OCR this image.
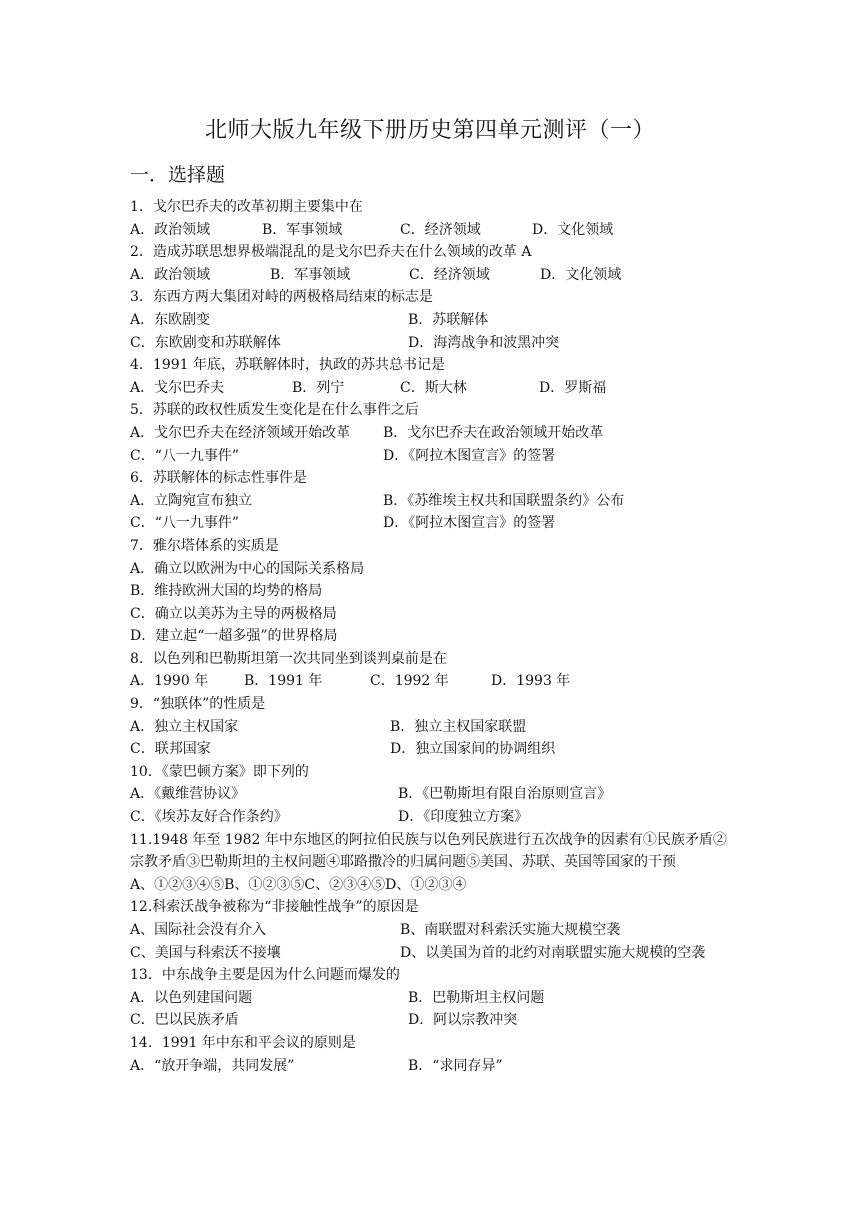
北师大版九年级下册历史第四单元测评（一）
一．选择题
1．戈尔巴乔夫的改革初期主要集中在
A．政治领域	B．军事领域	C．经济领域	D．文化领域
2．造成苏联思想界极端混乱的是戈尔巴乔夫在什么领域的改革 A
A．政治领域	B．军事领域	C．经济领域	D．文化领域
3．东西方两大集团对峙的两极格局结束的标志是
A．东欧剧变	B．苏联解体
C．东欧剧变和苏联解体	D．海湾战争和波黑冲突
4．1991 年底，苏联解体时，执政的苏共总书记是
A．戈尔巴乔夫	B．列宁	C．斯大林	D．罗斯福
5．苏联的政权性质发生变化是在什么事件之后
A．戈尔巴乔夫在经济领域开始改革 B．戈尔巴乔夫在政治领域开始改革
C．“八一九事件”	D．《阿拉木图宣言》的签署
6．苏联解体的标志性事件是
A．立陶宛宣布独立	B．《苏维埃主权共和国联盟条约》公布
C．“八一九事件”	D．《阿拉木图宣言》的签署
7．雅尔塔体系的实质是
A．确立以欧洲为中心的国际关系格局
B．维持欧洲大国的均势的格局
C．确立以美苏为主导的两极格局
D．建立起“一超多强”的世界格局
8．以色列和巴勒斯坦第一次共同坐到谈判桌前是在
A．1990 年	B．1991 年	C．1992 年	D．1993 年
9．“独联体”的性质是
A．独立主权国家	B．独立主权国家联盟
C．联邦国家	D．独立国家间的协调组织
10．《蒙巴顿方案》即下列的
A．《戴维营协议》	B．《巴勒斯坦有限自治原则宣言》
C．《埃苏友好合作条约》	D．《印度独立方案》
11.1948 年至 1982 年中东地区的阿拉伯民族与以色列民族进行五次战争的因素有①民族矛盾②宗教矛盾③巴勒斯坦的主权问题④耶路撒冷的归属问题⑤美国、苏联、英国等国家的干预
A、①②③④⑤B、①②③⑤C、②③④⑤D、①②③④
12.科索沃战争被称为“非接触性战争”的原因是
A、国际社会没有介入	B、南联盟对科索沃实施大规模空袭
C、美国与科索沃不接壤	D、以美国为首的北约对南联盟实施大规模的空袭
13．中东战争主要是因为什么问题而爆发的
A．以色列建国问题	B．巴勒斯坦主权问题
C．巴以民族矛盾	D．阿以宗教冲突
14．1991 年中东和平会议的原则是
A．“放开争端，共同发展”	B．“求同存异”
